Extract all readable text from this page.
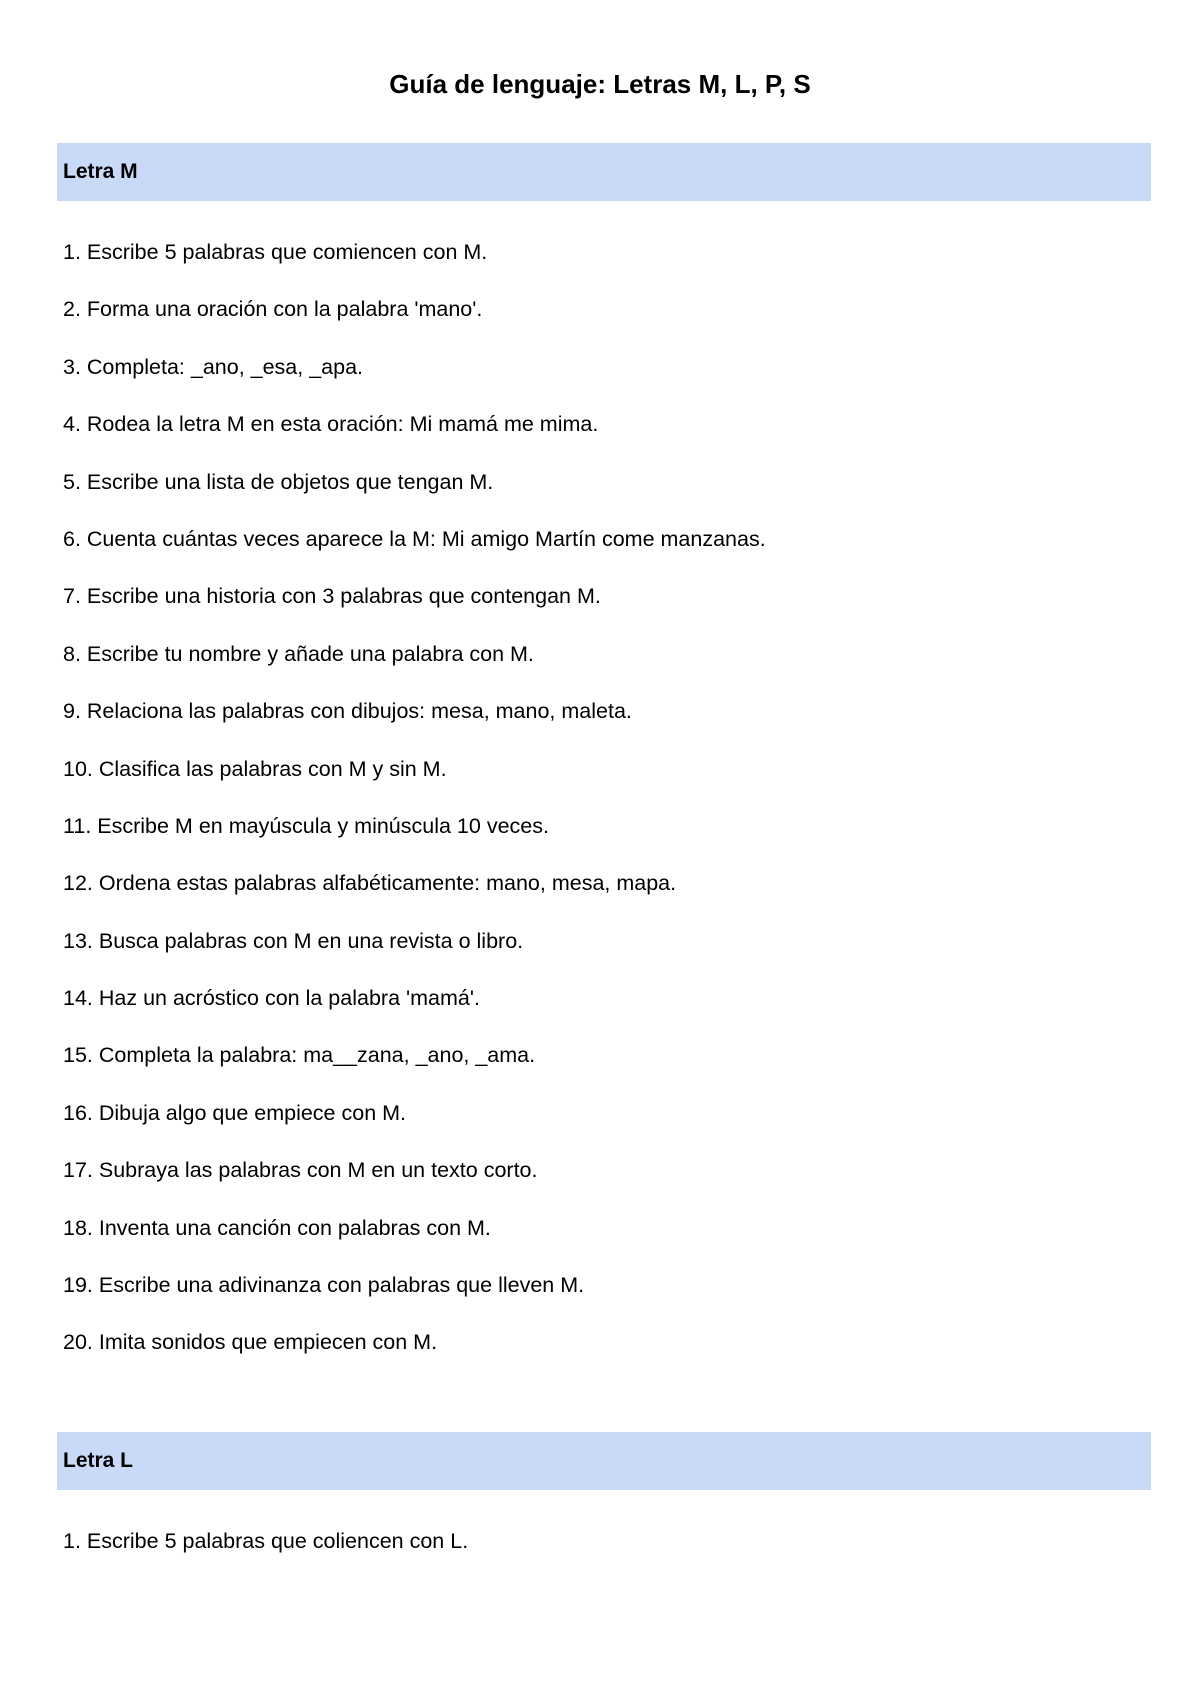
Guía de lenguaje: Letras M, L, P, S
Letra M
1. Escribe 5 palabras que comiencen con M.
2. Forma una oración con la palabra 'mano'.
3. Completa: _ano, _esa, _apa.
4. Rodea la letra M en esta oración: Mi mamá me mima.
5. Escribe una lista de objetos que tengan M.
6. Cuenta cuántas veces aparece la M: Mi amigo Martín come manzanas.
7. Escribe una historia con 3 palabras que contengan M.
8. Escribe tu nombre y añade una palabra con M.
9. Relaciona las palabras con dibujos: mesa, mano, maleta.
10. Clasifica las palabras con M y sin M.
11. Escribe M en mayúscula y minúscula 10 veces.
12. Ordena estas palabras alfabéticamente: mano, mesa, mapa.
13. Busca palabras con M en una revista o libro.
14. Haz un acróstico con la palabra 'mamá'.
15. Completa la palabra: ma__zana, _ano, _ama.
16. Dibuja algo que empiece con M.
17. Subraya las palabras con M en un texto corto.
18. Inventa una canción con palabras con M.
19. Escribe una adivinanza con palabras que lleven M.
20. Imita sonidos que empiecen con M.
Letra L
1. Escribe 5 palabras que coliencen con L.
